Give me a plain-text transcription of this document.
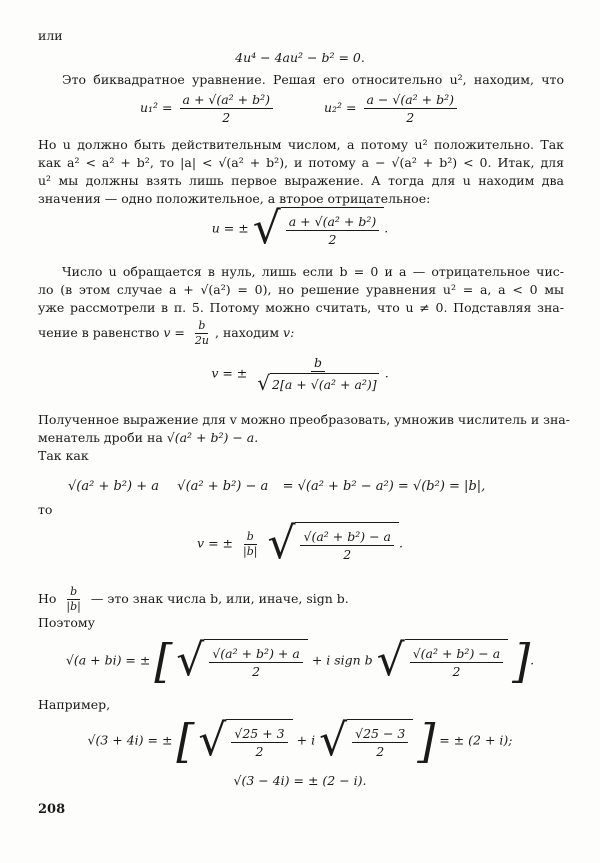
или
4u⁴ − 4au² − b² = 0.
Это биквадратное уравнение. Решая его относительно u², находим, что
$u_1^2 = \frac{\text{a + √(a² + b²)}}{2}$	$u_2^2 = \frac{\text{a − √(a² + b²)}}{2}$
Но u должно быть действительным числом, а потому u² положительно. Так
как a² < a² + b², то |a| < √(a² + b²), и потому a − √(a² + b²) < 0. Итак, для
u² мы должны взять лишь первое выражение. А тогда для u находим два
значения — одно положительное, а второе отрицательное:
u = ± √ $\frac{\text{a + √(a² + b²)}}{2}$ .
Число u обращается в нуль, лишь если b = 0 и a — отрицательное чис-
ло (в этом случае a + √(a²) = 0), но решение уравнения u² = a, a < 0 мы
уже рассмотрели в п. 5. Потому можно считать, что u ≠ 0. Подставляя зна-
чение в равенство $v = \frac{b}{2u}$ , находим v:
v = ± $\frac{b}{\text{√ 2[a + √(a² + a²)]}}$ .
Полученное выражение для v можно преобразовать, умножив числитель и зна-
менатель дроби на √(a² + b²) − a.
Так как
√(a² + b²) + a √(a² + b²) − a = √(a² + b² − a²) = √(b²) = |b|,
то
v = ± $\frac{b}{|b|}$
√ $\frac{\text{√(a² + b²) − a}}{2}$ .
Но $\frac{b}{|b|}$ — это знак числа b, или, иначе, sign b.
Поэтому
√(a + bi) = ± [ √ $\frac{\text{√(a² + b²) + a}}{2} + i$ sign b √ $\frac{\text{√(a² + b²) − a}}{2}$ ].
Например,
√(3 + 4i) = ± [ √ $\frac{√25 + 3}{2} + i$ √ $\frac{√25 - 3}{2}$ ] = ± (2 + i);
√(3 − 4i) = ± (2 − i).
208
